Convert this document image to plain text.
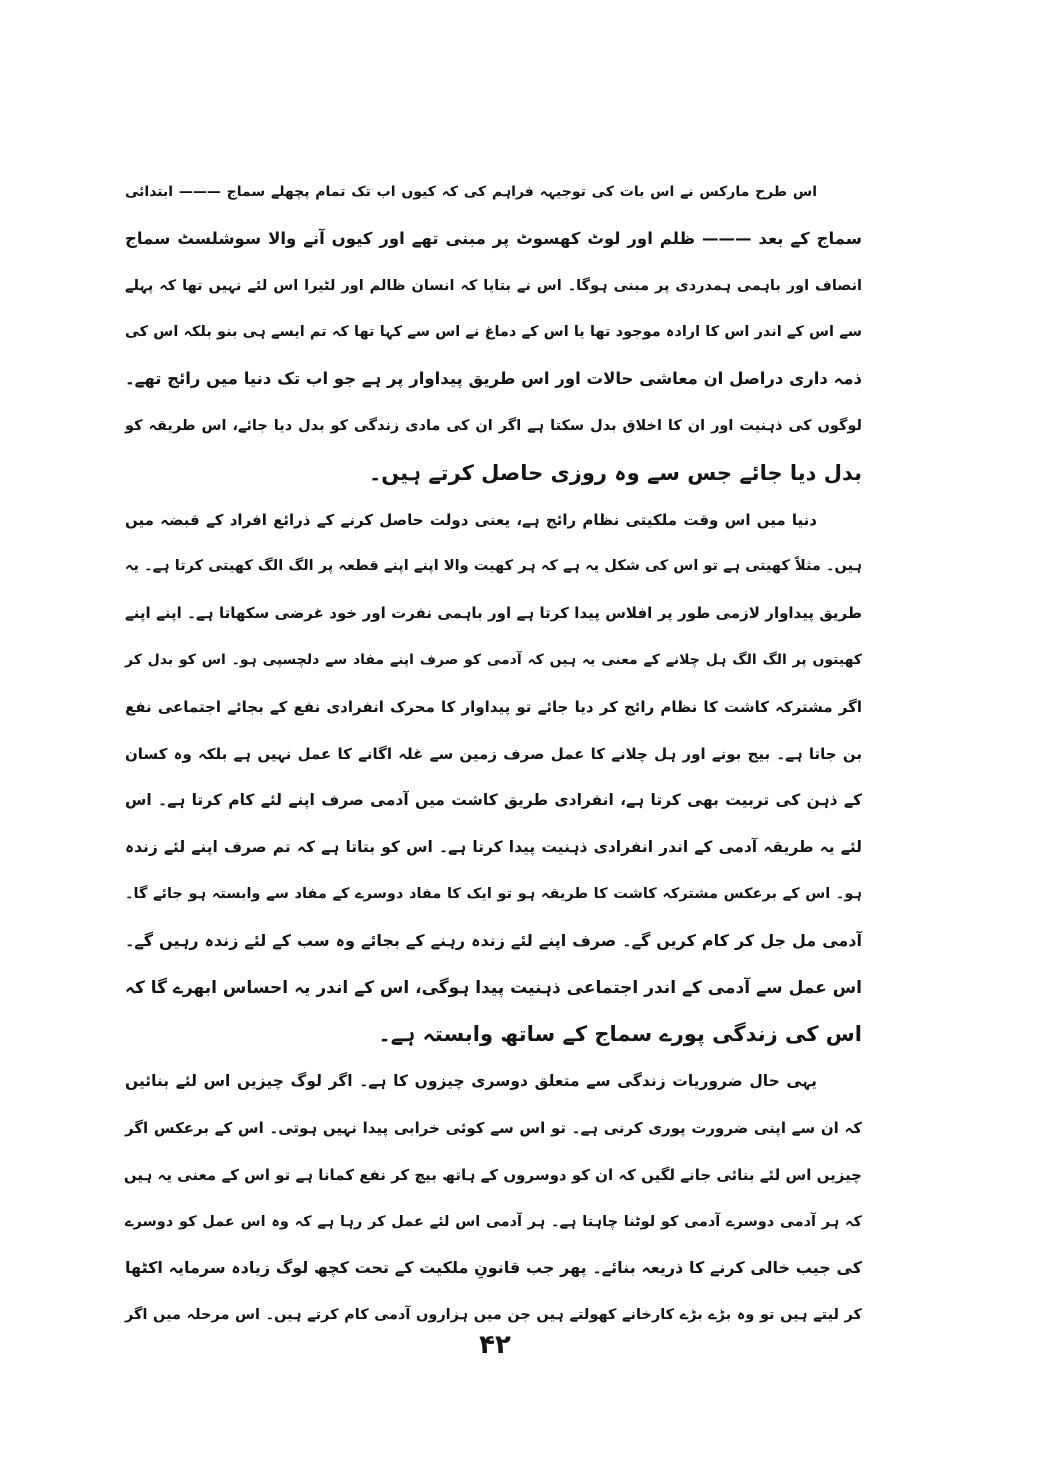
اس طرح مارکس نے اس بات کی توجیہہ فراہم کی کہ کیوں اب تک تمام پچھلے سماج ——— ابتدائی
سماج کے بعد ——— ظلم اور لوٹ کھسوٹ پر مبنی تھے اور کیوں آنے والا سوشلسٹ سماج
انصاف اور باہمی ہمدردی پر مبنی ہوگا۔ اس نے بتایا کہ انسان ظالم اور لٹیرا اس لئے نہیں تھا کہ پہلے
سے اس کے اندر اس کا ارادہ موجود تھا یا اس کے دماغ نے اس سے کہا تھا کہ تم ایسے ہی بنو بلکہ اس کی
ذمہ داری دراصل ان معاشی حالات اور اس طریق پیداوار پر ہے جو اب تک دنیا میں رائج تھے۔
لوگوں کی ذہنیت اور ان کا اخلاق بدل سکتا ہے اگر ان کی مادی زندگی کو بدل دیا جائے، اس طریقہ کو
بدل دیا جائے جس سے وہ روزی حاصل کرتے ہیں۔
دنیا میں اس وقت ملکیتی نظام رائج ہے، یعنی دولت حاصل کرنے کے ذرائع افراد کے قبضہ میں
ہیں۔ مثلاً کھیتی ہے تو اس کی شکل یہ ہے کہ ہر کھیت والا اپنے اپنے قطعہ پر الگ الگ کھیتی کرتا ہے۔ یہ
طریق پیداوار لازمی طور پر افلاس پیدا کرتا ہے اور باہمی نفرت اور خود غرضی سکھاتا ہے۔ اپنے اپنے
کھیتوں پر الگ الگ ہل چلانے کے معنی یہ ہیں کہ آدمی کو صرف اپنے مفاد سے دلچسپی ہو۔ اس کو بدل کر
اگر مشترکہ کاشت کا نظام رائج کر دیا جائے تو پیداوار کا محرک انفرادی نفع کے بجائے اجتماعی نفع
بن جاتا ہے۔ بیج بونے اور ہل چلانے کا عمل صرف زمین سے غلہ اگانے کا عمل نہیں ہے بلکہ وہ کسان
کے ذہن کی تربیت بھی کرتا ہے، انفرادی طریق کاشت میں آدمی صرف اپنے لئے کام کرتا ہے۔ اس
لئے یہ طریقہ آدمی کے اندر انفرادی ذہنیت پیدا کرتا ہے۔ اس کو بتاتا ہے کہ تم صرف اپنے لئے زندہ
ہو۔ اس کے برعکس مشترکہ کاشت کا طریقہ ہو تو ایک کا مفاد دوسرے کے مفاد سے وابستہ ہو جائے گا۔
آدمی مل جل کر کام کریں گے۔ صرف اپنے لئے زندہ رہنے کے بجائے وہ سب کے لئے زندہ رہیں گے۔
اس عمل سے آدمی کے اندر اجتماعی ذہنیت پیدا ہوگی، اس کے اندر یہ احساس ابھرے گا کہ
اس کی زندگی پورے سماج کے ساتھ وابستہ ہے۔
یہی حال ضروریات زندگی سے متعلق دوسری چیزوں کا ہے۔ اگر لوگ چیزیں اس لئے بنائیں
کہ ان سے اپنی ضرورت پوری کرنی ہے۔ تو اس سے کوئی خرابی پیدا نہیں ہوتی۔ اس کے برعکس اگر
چیزیں اس لئے بنائی جانے لگیں کہ ان کو دوسروں کے ہاتھ بیچ کر نفع کمانا ہے تو اس کے معنی یہ ہیں
کہ ہر آدمی دوسرے آدمی کو لوٹنا چاہتا ہے۔ ہر آدمی اس لئے عمل کر رہا ہے کہ وہ اس عمل کو دوسرے
کی جیب خالی کرنے کا ذریعہ بنائے۔ پھر جب قانونِ ملکیت کے تحت کچھ لوگ زیادہ سرمایہ اکٹھا
کر لیتے ہیں تو وہ بڑے بڑے کارخانے کھولتے ہیں جن میں ہزاروں آدمی کام کرتے ہیں۔ اس مرحلہ میں اگر
۴۲
